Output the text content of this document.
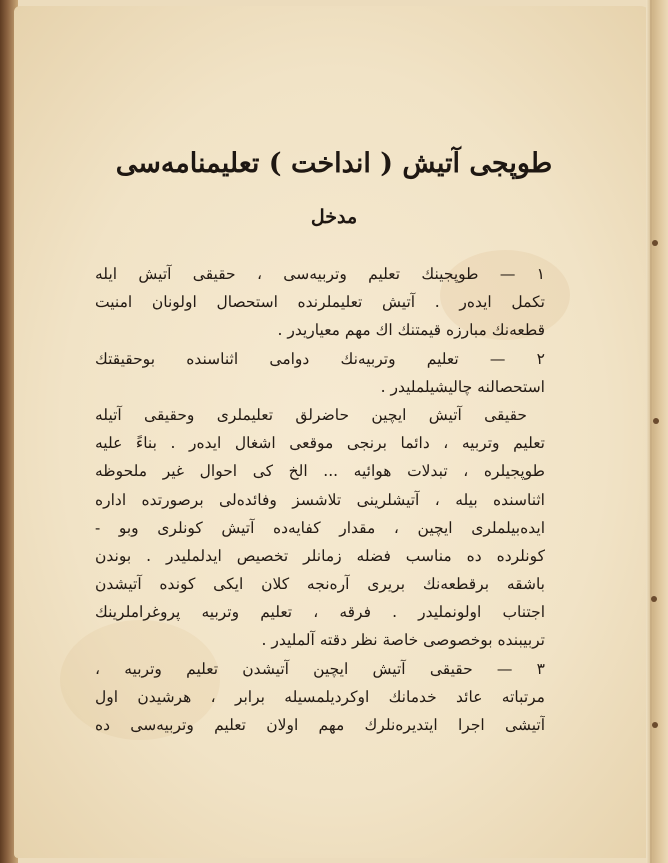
طوپجی آتیش ( انداخت ) تعلیمنامه‌سی
مدخل
١ — طوپجینك تعلیم وتربیه‌سی ، حقیقی آتیش ایله
تكمل ایده‌ر . آتیش تعلیملرنده استحصال اولونان امنیت
قطعه‌نك مبارزه قیمتنك اك مهم معیاریدر .
٢ — تعلیم وتربیه‌نك دوامی اثناسنده بوحقیقتك
استحصالنه چالیشیلملیدر .
حقیقی آتیش ایچین حاضرلق تعلیملری وحقیقی آتیله
تعلیم وتربیه ، دائما برنجی موقعی اشغال ایده‌ر . بناءً علیه
طوپجیلره ، تبدلات هوائیه ... الخ كی احوال غیر ملحوظه
اثناسنده بیله ، آتیشلرینی تلاشسز وفائده‌لی برصورتده اداره
ایده‌بیلملری ایچین ، مقدار كفایه‌ده آتیش كونلری وبو -
كونلرده ده مناسب فضله زمانلر تخصیص ایدلملیدر . بوندن
باشقه برقطعه‌نك بریری آره‌نجه كلان ایكی كونده آتیشدن
اجتناب اولونملیدر . فرقه ، تعلیم وتربیه پروغراملرینك
تربیبنده بوخصوصی خاصة نظر دقته آلملیدر .
٣ — حقیقی آتیش ایچین آتیشدن تعلیم وتربیه ،
مرتباته عائد خدمانك اوكردیلمسیله برابر ، هرشیدن اول
آتیشی اجرا ایتدیره‌نلرك مهم اولان تعلیم وتربیه‌سی ده
